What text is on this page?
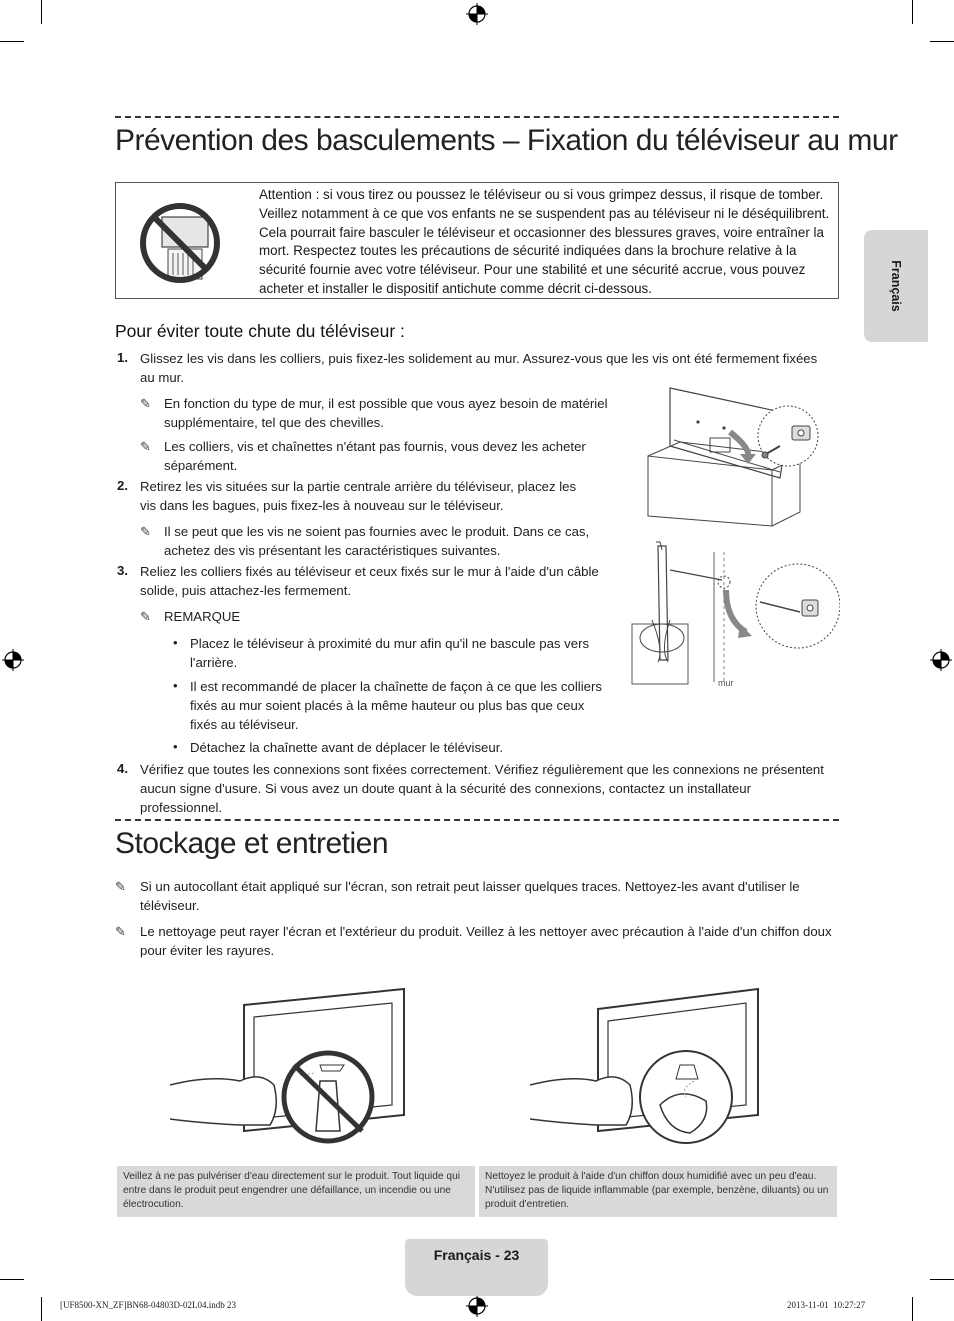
Français
Prévention des basculements – Fixation du téléviseur au mur
Attention : si vous tirez ou poussez le téléviseur ou si vous grimpez dessus, il risque de tomber. Veillez notamment à ce que vos enfants ne se suspendent pas au téléviseur ni le déséquilibrent. Cela pourrait faire basculer le téléviseur et occasionner des blessures graves, voire entraîner la mort. Respectez toutes les précautions de sécurité indiquées dans la brochure relative à la sécurité fournie avec votre téléviseur. Pour une stabilité et une sécurité accrue, vous pouvez acheter et installer le dispositif antichute comme décrit ci-dessous.
Pour éviter toute chute du téléviseur :
1. Glissez les vis dans les colliers, puis fixez-les solidement au mur. Assurez-vous que les vis ont été fermement fixées au mur.
✎ En fonction du type de mur, il est possible que vous ayez besoin de matériel supplémentaire, tel que des chevilles.
✎ Les colliers, vis et chaînettes n'étant pas fournis, vous devez les acheter séparément.
2. Retirez les vis situées sur la partie centrale arrière du téléviseur, placez les vis dans les bagues, puis fixez-les à nouveau sur le téléviseur.
✎ Il se peut que les vis ne soient pas fournies avec le produit. Dans ce cas, achetez des vis présentant les caractéristiques suivantes.
3. Reliez les colliers fixés au téléviseur et ceux fixés sur le mur à l'aide d'un câble solide, puis attachez-les fermement.
✎ REMARQUE
• Placez le téléviseur à proximité du mur afin qu'il ne bascule pas vers l'arrière.
• Il est recommandé de placer la chaînette de façon à ce que les colliers fixés au mur soient placés à la même hauteur ou plus bas que ceux fixés au téléviseur.
• Détachez la chaînette avant de déplacer le téléviseur.
4. Vérifiez que toutes les connexions sont fixées correctement. Vérifiez régulièrement que les connexions ne présentent aucun signe d'usure. Si vous avez un doute quant à la sécurité des connexions, contactez un installateur professionnel.
mur
Stockage et entretien
✎ Si un autocollant était appliqué sur l'écran, son retrait peut laisser quelques traces. Nettoyez-les avant d'utiliser le téléviseur.
✎ Le nettoyage peut rayer l'écran et l'extérieur du produit. Veillez à les nettoyer avec précaution à l'aide d'un chiffon doux pour éviter les rayures.
Veillez à ne pas pulvériser d'eau directement sur le produit. Tout liquide qui entre dans le produit peut engendrer une défaillance, un incendie ou une électrocution.
Nettoyez le produit à l'aide d'un chiffon doux humidifié avec un peu d'eau. N'utilisez pas de liquide inflammable (par exemple, benzène, diluants) ou un produit d'entretien.
Français - 23
[UF8500-XN_ZF]BN68-04803D-02L04.indb 23	2013-11-01 ︎ 10:27:27
